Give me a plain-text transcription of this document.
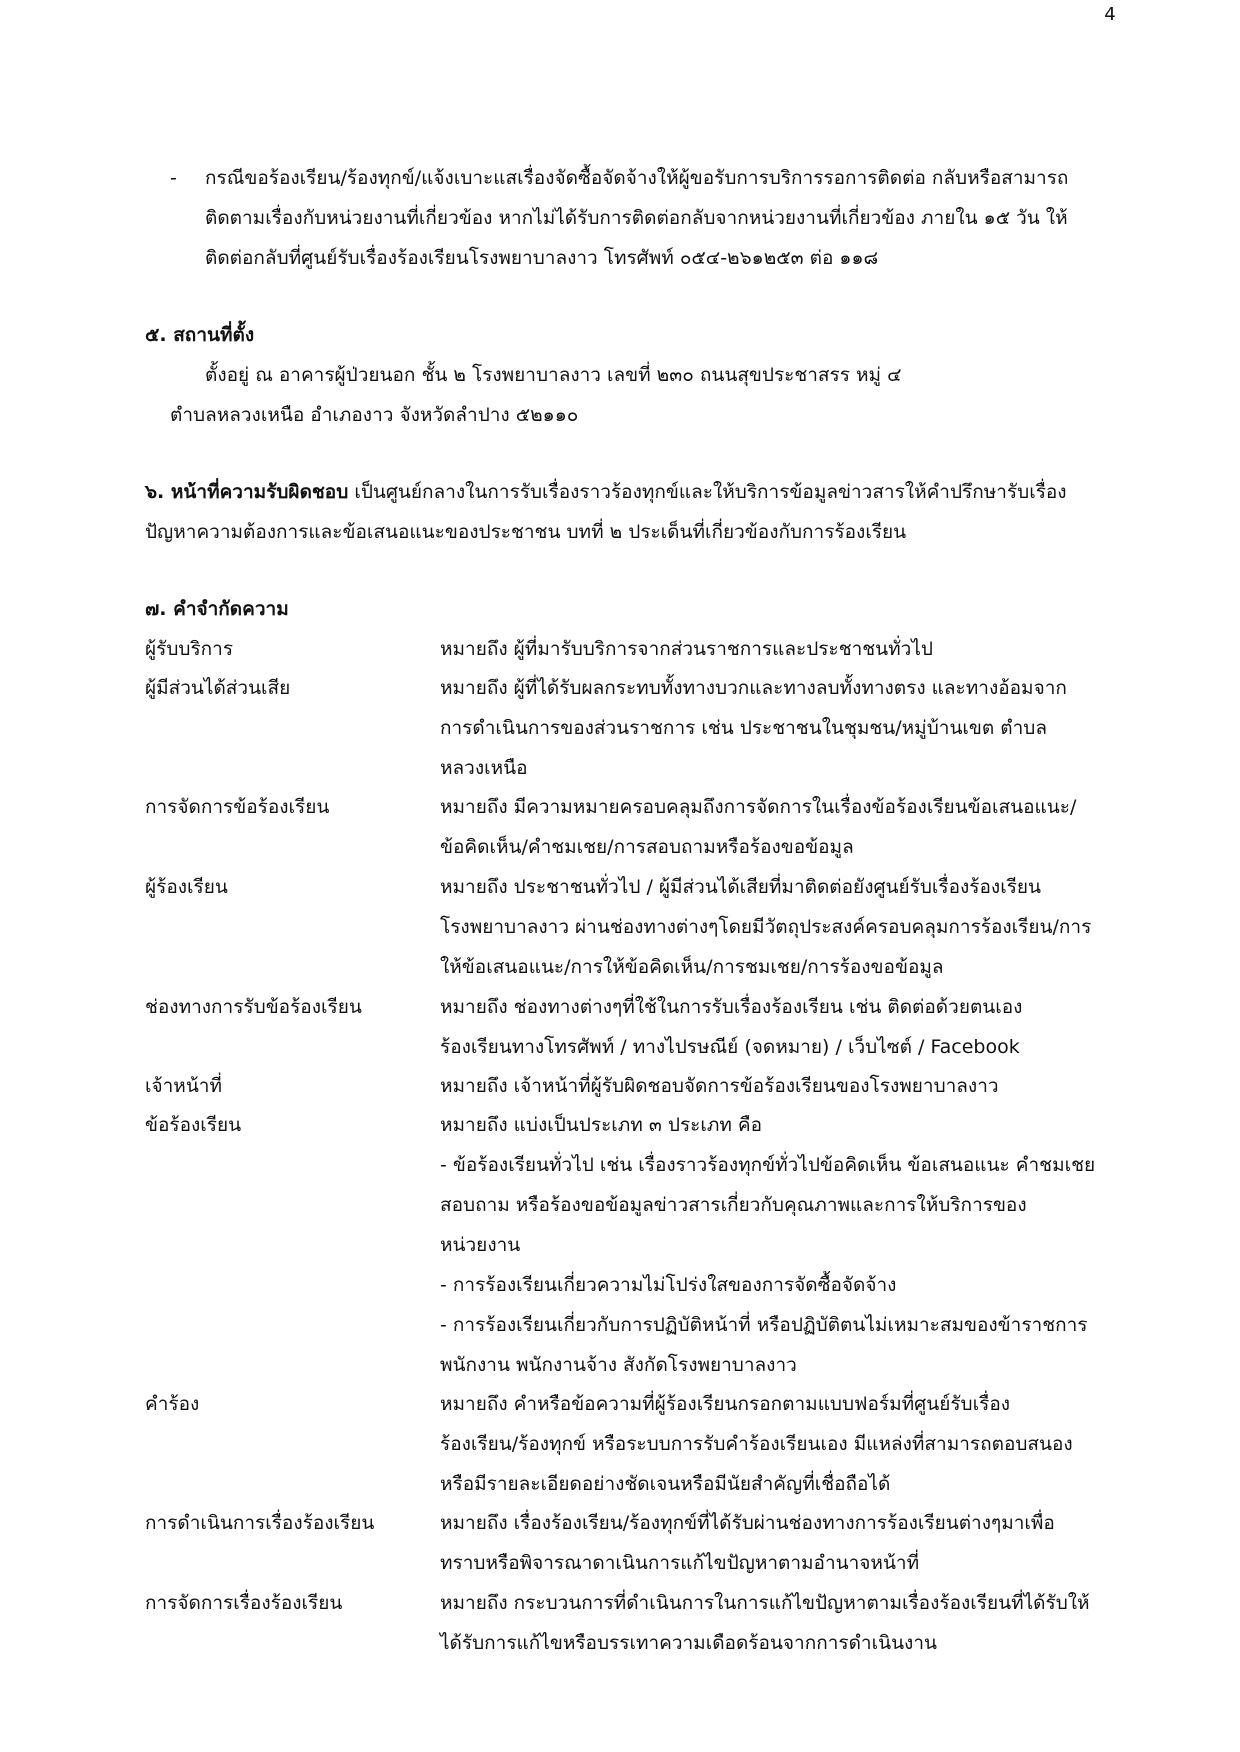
4
- กรณีขอร้องเรียน/ร้องทุกข์/แจ้งเบาะแสเรื่องจัดซื้อจัดจ้างให้ผู้ขอรับการบริการรอการติดต่อ กลับหรือสามารถ
ติดตามเรื่องกับหน่วยงานที่เกี่ยวข้อง หากไม่ได้รับการติดต่อกลับจากหน่วยงานที่เกี่ยวข้อง ภายใน ๑๕ วัน ให้
ติดต่อกลับที่ศูนย์รับเรื่องร้องเรียนโรงพยาบาลงาว โทรศัพท์ ๐๕๔-๒๖๑๒๕๓ ต่อ ๑๑๘
๕. สถานที่ตั้ง
ตั้งอยู่ ณ อาคารผู้ป่วยนอก ชั้น ๒ โรงพยาบาลงาว เลขที่ ๒๓๐ ถนนสุขประชาสรร หมู่ ๔
ตำบลหลวงเหนือ อำเภองาว จังหวัดลำปาง ๕๒๑๑๐
๖. หน้าที่ความรับผิดชอบ เป็นศูนย์กลางในการรับเรื่องราวร้องทุกข์และให้บริการข้อมูลข่าวสารให้คำปรึกษารับเรื่อง
ปัญหาความต้องการและข้อเสนอแนะของประชาชน บทที่ ๒ ประเด็นที่เกี่ยวข้องกับการร้องเรียน
๗. คำจำกัดความ
ผู้รับบริการ	หมายถึง ผู้ที่มารับบริการจากส่วนราชการและประชาชนทั่วไป
ผู้มีส่วนได้ส่วนเสีย	หมายถึง ผู้ที่ได้รับผลกระทบทั้งทางบวกและทางลบทั้งทางตรง และทางอ้อมจาก
การดำเนินการของส่วนราชการ เช่น ประชาชนในชุมชน/หมู่บ้านเขต ตำบล
หลวงเหนือ
การจัดการข้อร้องเรียน	หมายถึง มีความหมายครอบคลุมถึงการจัดการในเรื่องข้อร้องเรียนข้อเสนอแนะ/
ข้อคิดเห็น/คำชมเชย/การสอบถามหรือร้องขอข้อมูล
ผู้ร้องเรียน	หมายถึง ประชาชนทั่วไป / ผู้มีส่วนได้เสียที่มาติดต่อยังศูนย์รับเรื่องร้องเรียน
โรงพยาบาลงาว ผ่านช่องทางต่างๆโดยมีวัตถุประสงค์ครอบคลุมการร้องเรียน/การ
ให้ข้อเสนอแนะ/การให้ข้อคิดเห็น/การชมเชย/การร้องขอข้อมูล
ช่องทางการรับข้อร้องเรียน	หมายถึง ช่องทางต่างๆที่ใช้ในการรับเรื่องร้องเรียน เช่น ติดต่อด้วยตนเอง
ร้องเรียนทางโทรศัพท์ / ทางไปรษณีย์ (จดหมาย) / เว็บไซต์ / Facebook
เจ้าหน้าที่	หมายถึง เจ้าหน้าที่ผู้รับผิดชอบจัดการข้อร้องเรียนของโรงพยาบาลงาว
ข้อร้องเรียน	หมายถึง แบ่งเป็นประเภท ๓ ประเภท คือ
- ข้อร้องเรียนทั่วไป เช่น เรื่องราวร้องทุกข์ทั่วไปข้อคิดเห็น ข้อเสนอแนะ คำชมเชย
สอบถาม หรือร้องขอข้อมูลข่าวสารเกี่ยวกับคุณภาพและการให้บริการของ
หน่วยงาน
- การร้องเรียนเกี่ยวความไม่โปร่งใสของการจัดซื้อจัดจ้าง
- การร้องเรียนเกี่ยวกับการปฏิบัติหน้าที่ หรือปฏิบัติตนไม่เหมาะสมของข้าราชการ
พนักงาน พนักงานจ้าง สังกัดโรงพยาบาลงาว
คำร้อง	หมายถึง คำหรือข้อความที่ผู้ร้องเรียนกรอกตามแบบฟอร์มที่ศูนย์รับเรื่อง
ร้องเรียน/ร้องทุกข์ หรือระบบการรับคำร้องเรียนเอง มีแหล่งที่สามารถตอบสนอง
หรือมีรายละเอียดอย่างชัดเจนหรือมีนัยสำคัญที่เชื่อถือได้
การดำเนินการเรื่องร้องเรียน	หมายถึง เรื่องร้องเรียน/ร้องทุกข์ที่ได้รับผ่านช่องทางการร้องเรียนต่างๆมาเพื่อ
ทราบหรือพิจารณาดาเนินการแก้ไขปัญหาตามอำนาจหน้าที่
การจัดการเรื่องร้องเรียน	หมายถึง กระบวนการที่ดำเนินการในการแก้ไขปัญหาตามเรื่องร้องเรียนที่ได้รับให้
ได้รับการแก้ไขหรือบรรเทาความเดือดร้อนจากการดำเนินงาน
